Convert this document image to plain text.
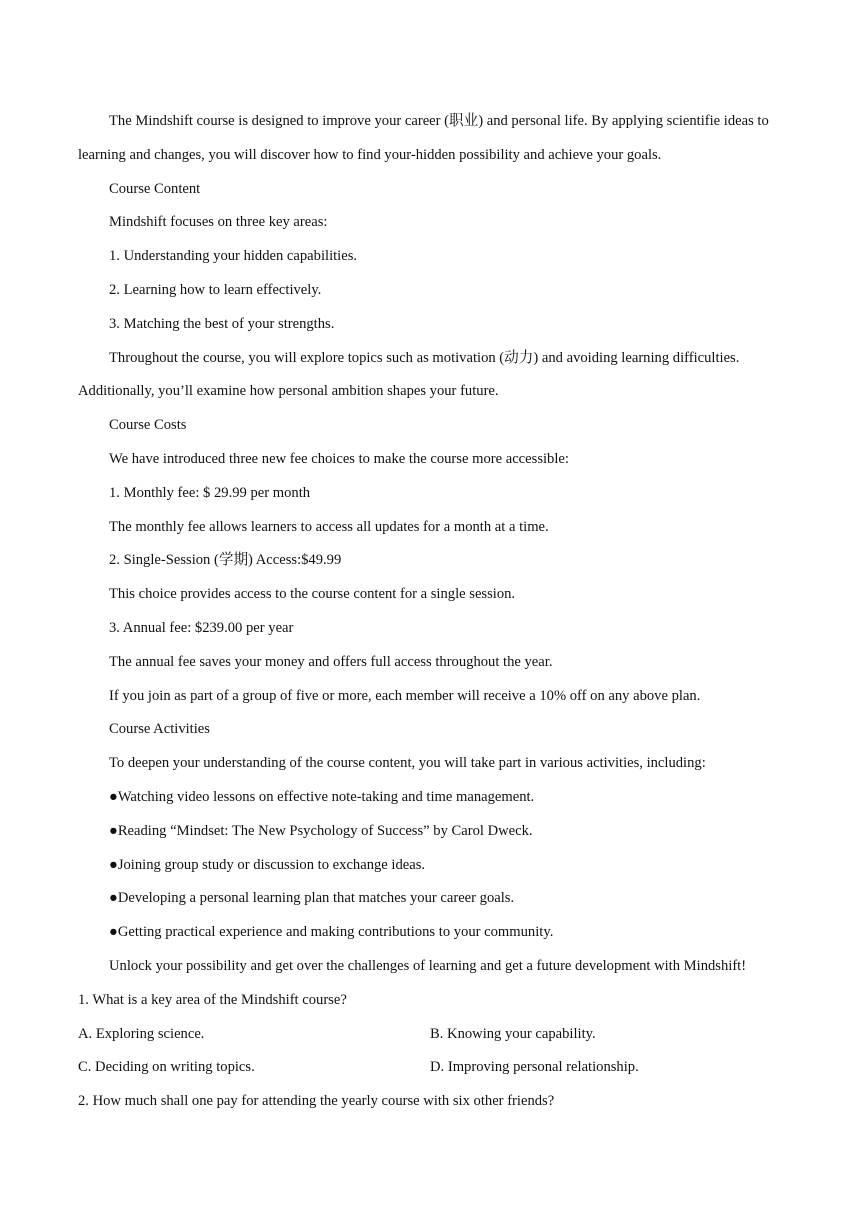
The Mindshift course is designed to improve your career (职业) and personal life. By applying scientifie ideas to learning and changes, you will discover how to find your-hidden possibility and achieve your goals.

Course Content

Mindshift focuses on three key areas:

1. Understanding your hidden capabilities.

2. Learning how to learn effectively.

3. Matching the best of your strengths.

Throughout the course, you will explore topics such as motivation (动力) and avoiding learning difficulties. Additionally, you’ll examine how personal ambition shapes your future.

Course Costs

We have introduced three new fee choices to make the course more accessible:

1. Monthly fee: $ 29.99 per month

The monthly fee allows learners to access all updates for a month at a time.

2. Single-Session (学期) Access:$49.99

This choice provides access to the course content for a single session.

3. Annual fee: $239.00 per year

The annual fee saves your money and offers full access throughout the year.

If you join as part of a group of five or more, each member will receive a 10% off on any above plan.

Course Activities

To deepen your understanding of the course content, you will take part in various activities, including:

●Watching video lessons on effective note-taking and time management.

●Reading “Mindset: The New Psychology of Success” by Carol Dweck.

●Joining group study or discussion to exchange ideas.

●Developing a personal learning plan that matches your career goals.

●Getting practical experience and making contributions to your community.

Unlock your possibility and get over the challenges of learning and get a future development with Mindshift!

1. What is a key area of the Mindshift course?

A. Exploring science.	B. Knowing your capability.
C. Deciding on writing topics.	D. Improving personal relationship.

2. How much shall one pay for attending the yearly course with six other friends?
